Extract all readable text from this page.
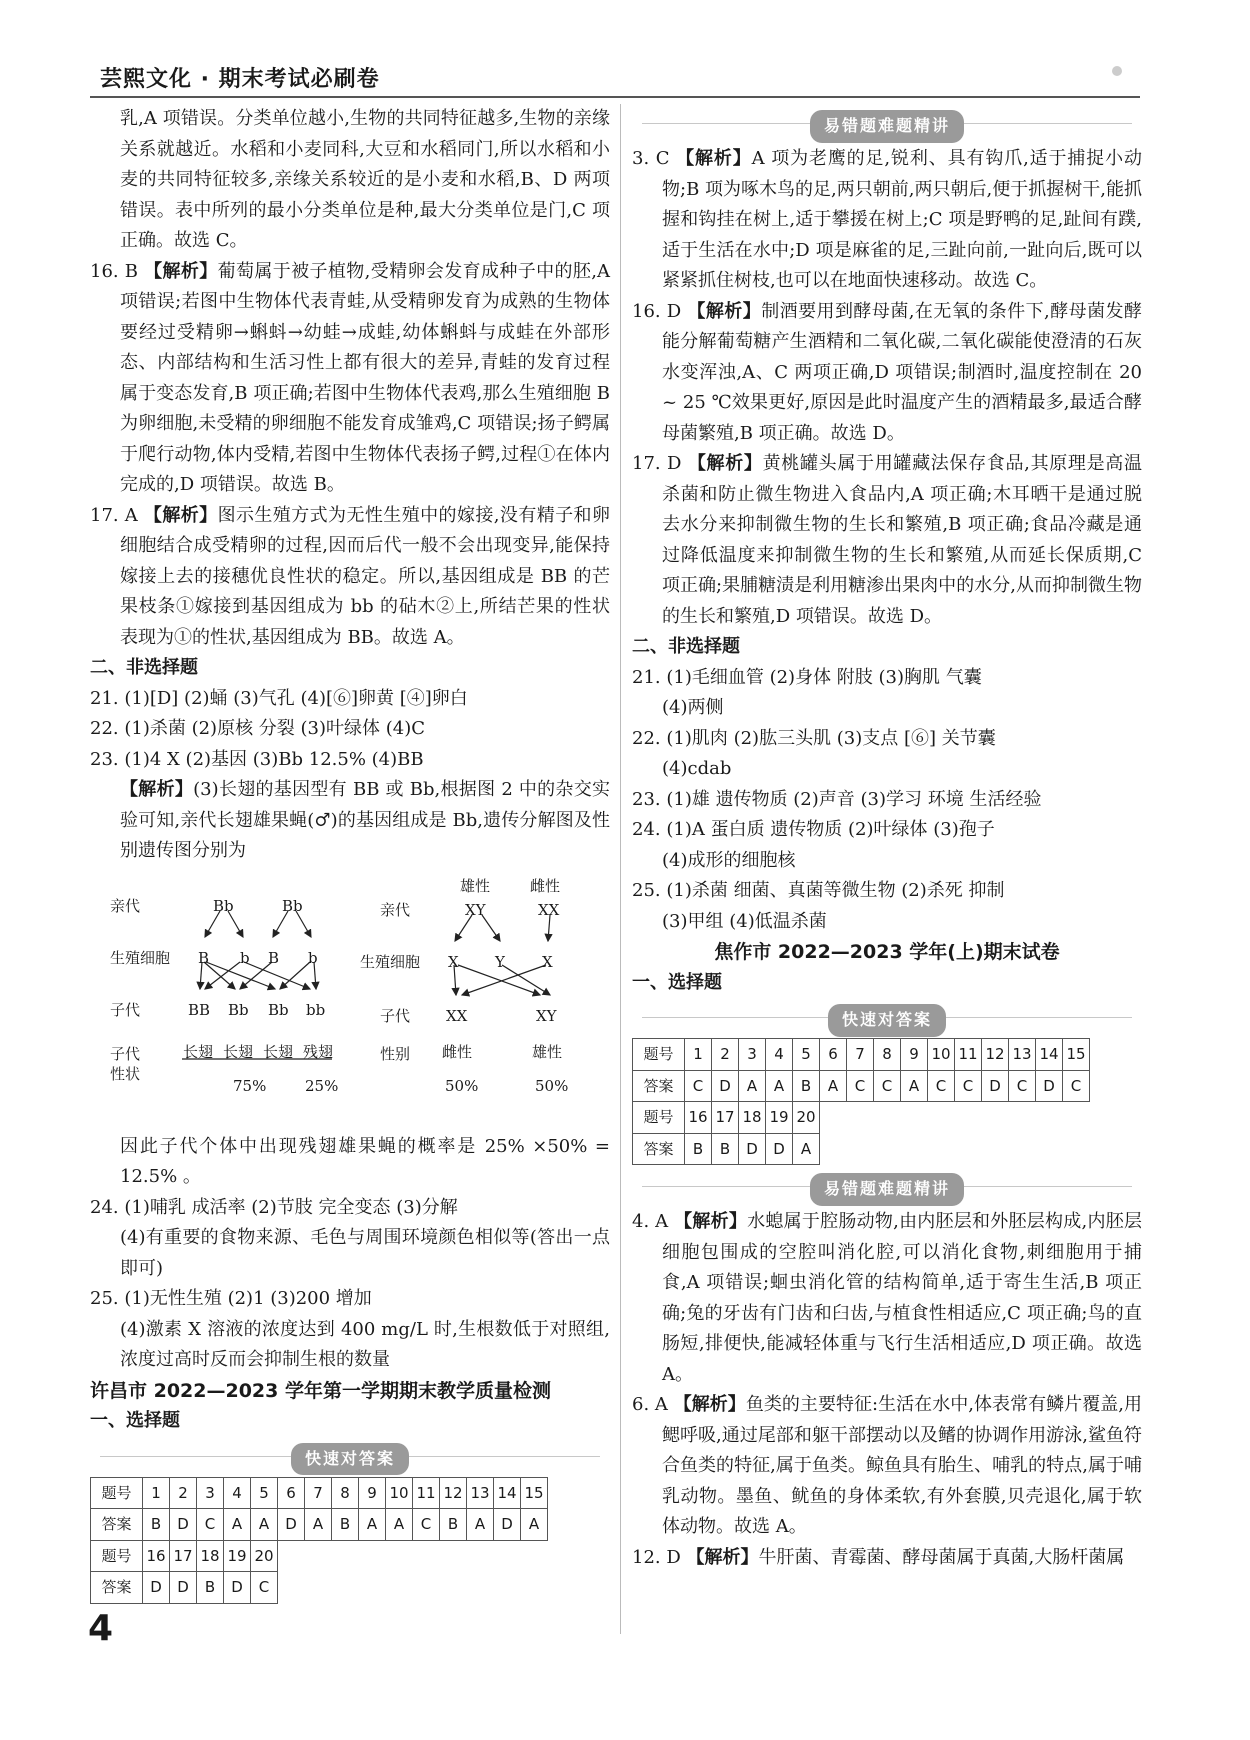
芸熙文化 · 期末考试必刷卷
乳,A 项错误。分类单位越小,生物的共同特征越多,生物的亲缘关系就越近。水稻和小麦同科,大豆和水稻同门,所以水稻和小麦的共同特征较多,亲缘关系较近的是小麦和水稻,B、D 两项错误。表中所列的最小分类单位是种,最大分类单位是门,C 项正确。故选 C。
16. B 【解析】葡萄属于被子植物,受精卵会发育成种子中的胚,A 项错误;若图中生物体代表青蛙,从受精卵发育为成熟的生物体要经过受精卵→蝌蚪→幼蛙→成蛙,幼体蝌蚪与成蛙在外部形态、内部结构和生活习性上都有很大的差异,青蛙的发育过程属于变态发育,B 项正确;若图中生物体代表鸡,那么生殖细胞 B 为卵细胞,未受精的卵细胞不能发育成雏鸡,C 项错误;扬子鳄属于爬行动物,体内受精,若图中生物体代表扬子鳄,过程①在体内完成的,D 项错误。故选 B。
17. A 【解析】图示生殖方式为无性生殖中的嫁接,没有精子和卵细胞结合成受精卵的过程,因而后代一般不会出现变异,能保持嫁接上去的接穗优良性状的稳定。所以,基因组成是 BB 的芒果枝条①嫁接到基因组成为 bb 的砧木②上,所结芒果的性状表现为①的性状,基因组成为 BB。故选 A。
二、非选择题
21. (1)[D] (2)蛹 (3)气孔 (4)[⑥]卵黄 [④]卵白
22. (1)杀菌 (2)原核 分裂 (3)叶绿体 (4)C
23. (1)4 X (2)基因 (3)Bb 12.5% (4)BB
【解析】(3)长翅的基因型有 BB 或 Bb,根据图 2 中的杂交实验可知,亲代长翅雄果蝇(♂)的基因组成是 Bb,遗传分解图及性别遗传图分别为
亲代	Bb	Bb
生殖细胞 B b B b
子代	BB Bb Bb bb
子代
性状
长翅 长翅 长翅 残翅
75%	25%
雄性	雌性
亲代	XY	XX
生殖细胞 X Y X
子代 XX	XY
性别 雌性	雄性
50%	50%
因此子代个体中出现残翅雄果蝇的概率是 25% ×50% = 12.5% 。
24. (1)哺乳 成活率 (2)节肢 完全变态 (3)分解
(4)有重要的食物来源、毛色与周围环境颜色相似等(答出一点即可)
25. (1)无性生殖 (2)1 (3)200 增加
(4)激素 X 溶液的浓度达到 400 mg/L 时,生根数低于对照组,浓度过高时反而会抑制生根的数量
许昌市 2022—2023 学年第一学期期末教学质量检测
一、选择题
快速对答案
题号	1	2	3	4	5	6	7	8	9	10	11	12	13	14	15
答案	B	D	C	A	A	D	A	B	A	A	C	B	A	D	A
题号	16	17	18	19	20										
答案	D	D	B	D	C										
易错题难题精讲
3. C 【解析】A 项为老鹰的足,锐利、具有钩爪,适于捕捉小动物;B 项为啄木鸟的足,两只朝前,两只朝后,便于抓握树干,能抓握和钩挂在树上,适于攀援在树上;C 项是野鸭的足,趾间有蹼,适于生活在水中;D 项是麻雀的足,三趾向前,一趾向后,既可以紧紧抓住树枝,也可以在地面快速移动。故选 C。
16. D 【解析】制酒要用到酵母菌,在无氧的条件下,酵母菌发酵能分解葡萄糖产生酒精和二氧化碳,二氧化碳能使澄清的石灰水变浑浊,A、C 两项正确,D 项错误;制酒时,温度控制在 20 ~ 25 ℃效果更好,原因是此时温度产生的酒精最多,最适合酵母菌繁殖,B 项正确。故选 D。
17. D 【解析】黄桃罐头属于用罐藏法保存食品,其原理是高温杀菌和防止微生物进入食品内,A 项正确;木耳晒干是通过脱去水分来抑制微生物的生长和繁殖,B 项正确;食品冷藏是通过降低温度来抑制微生物的生长和繁殖,从而延长保质期,C 项正确;果脯糖渍是利用糖渗出果肉中的水分,从而抑制微生物的生长和繁殖,D 项错误。故选 D。
二、非选择题
21. (1)毛细血管 (2)身体 附肢 (3)胸肌 气囊
(4)两侧
22. (1)肌肉 (2)肱三头肌 (3)支点 [⑥] 关节囊
(4)cdab
23. (1)雄 遗传物质 (2)声音 (3)学习 环境 生活经验
24. (1)A 蛋白质 遗传物质 (2)叶绿体 (3)孢子
(4)成形的细胞核
25. (1)杀菌 细菌、真菌等微生物 (2)杀死 抑制
(3)甲组 (4)低温杀菌
焦作市 2022—2023 学年(上)期末试卷
一、选择题
快速对答案
题号	1	2	3	4	5	6	7	8	9	10	11	12	13	14	15
答案	C	D	A	A	B	A	C	C	A	C	C	D	C	D	C
题号	16	17	18	19	20										
答案	B	B	D	D	A										
易错题难题精讲
4. A 【解析】水螅属于腔肠动物,由内胚层和外胚层构成,内胚层细胞包围成的空腔叫消化腔,可以消化食物,刺细胞用于捕食,A 项错误;蛔虫消化管的结构简单,适于寄生生活,B 项正确;兔的牙齿有门齿和臼齿,与植食性相适应,C 项正确;鸟的直肠短,排便快,能减轻体重与飞行生活相适应,D 项正确。故选 A。
6. A 【解析】鱼类的主要特征:生活在水中,体表常有鳞片覆盖,用鳃呼吸,通过尾部和躯干部摆动以及鳍的协调作用游泳,鲨鱼符合鱼类的特征,属于鱼类。鲸鱼具有胎生、哺乳的特点,属于哺乳动物。墨鱼、鱿鱼的身体柔软,有外套膜,贝壳退化,属于软体动物。故选 A。
12. D 【解析】牛肝菌、青霉菌、酵母菌属于真菌,大肠杆菌属
4
